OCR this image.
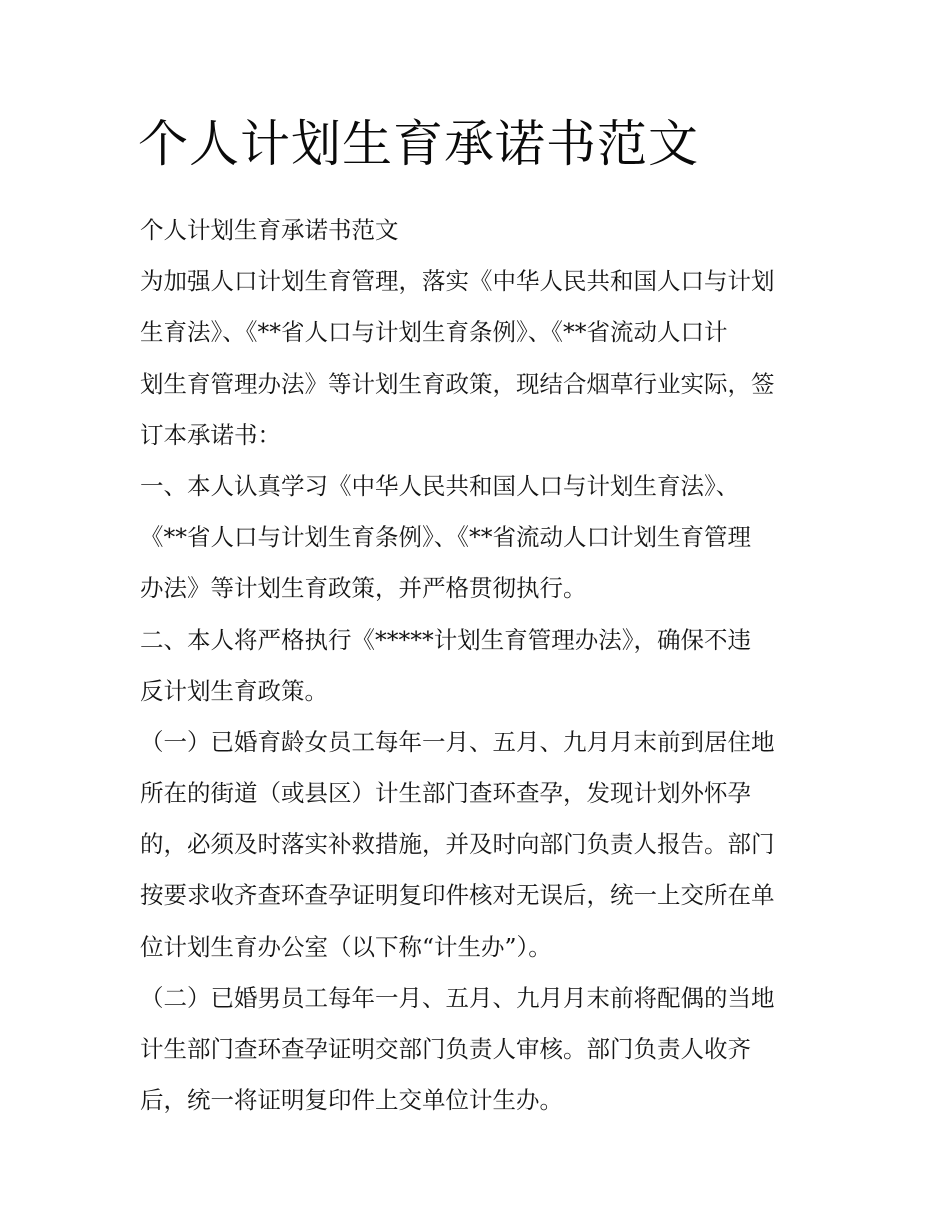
个人计划生育承诺书范文
个人计划生育承诺书范文
为加强人口计划生育管理，落实《中华人民共和国人口与计划
生育法》、《**省人口与计划生育条例》、《**省流动人口计
划生育管理办法》等计划生育政策，现结合烟草行业实际，签
订本承诺书：
一、本人认真学习《中华人民共和国人口与计划生育法》、
《**省人口与计划生育条例》、《**省流动人口计划生育管理
办法》等计划生育政策，并严格贯彻执行。
二、本人将严格执行《*****计划生育管理办法》，确保不违
反计划生育政策。
（一）已婚育龄女员工每年一月、五月、九月月末前到居住地
所在的街道（或县区）计生部门查环查孕，发现计划外怀孕
的，必须及时落实补救措施，并及时向部门负责人报告。部门
按要求收齐查环查孕证明复印件核对无误后，统一上交所在单
位计划生育办公室（以下称“计生办”）。
（二）已婚男员工每年一月、五月、九月月末前将配偶的当地
计生部门查环查孕证明交部门负责人审核。部门负责人收齐
后，统一将证明复印件上交单位计生办。
